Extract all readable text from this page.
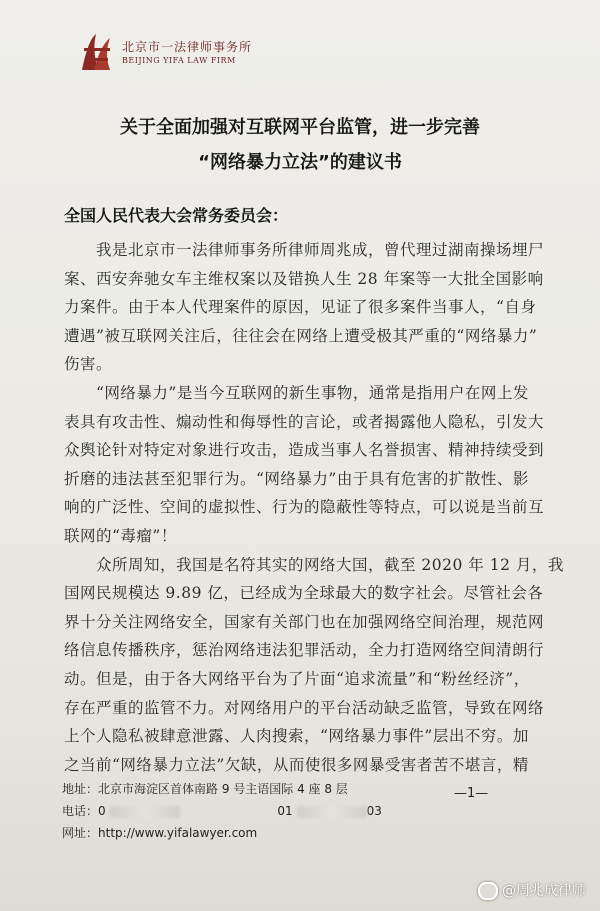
北京市一法律师事务所
BEIJING YIFA LAW FIRM
关于全面加强对互联网平台监管，进一步完善
“网络暴力立法”的建议书
全国人民代表大会常务委员会：
　　我是北京市一法律师事务所律师周兆成，曾代理过湖南操场埋尸
案、西安奔驰女车主维权案以及错换人生 28 年案等一大批全国影响
力案件。由于本人代理案件的原因，见证了很多案件当事人，“自身
遭遇”被互联网关注后，往往会在网络上遭受极其严重的“网络暴力”
伤害。
　　“网络暴力”是当今互联网的新生事物，通常是指用户在网上发
表具有攻击性、煽动性和侮辱性的言论，或者揭露他人隐私，引发大
众舆论针对特定对象进行攻击，造成当事人名誉损害、精神持续受到
折磨的违法甚至犯罪行为。“网络暴力”由于具有危害的扩散性、影
响的广泛性、空间的虚拟性、行为的隐蔽性等特点，可以说是当前互
联网的“毒瘤”！
　　众所周知，我国是名符其实的网络大国，截至 2020 年 12 月，我
国网民规模达 9.89 亿，已经成为全球最大的数字社会。尽管社会各
界十分关注网络安全，国家有关部门也在加强网络空间治理，规范网
络信息传播秩序，惩治网络违法犯罪活动，全力打造网络空间清朗行
动。但是，由于各大网络平台为了片面“追求流量”和“粉丝经济”，
存在严重的监管不力。对网络用户的平台活动缺乏监管，导致在网络
上个人隐私被肆意泄露、人肉搜索，“网络暴力事件”层出不穷。加
之当前“网络暴力立法”欠缺，从而使很多网暴受害者苦不堪言，精
地址：北京市海淀区首体南路 9 号主语国际 4 座 8 层
电话：0	01	03
网址：http://www.yifalawyer.com
—1—
@周兆成律师
